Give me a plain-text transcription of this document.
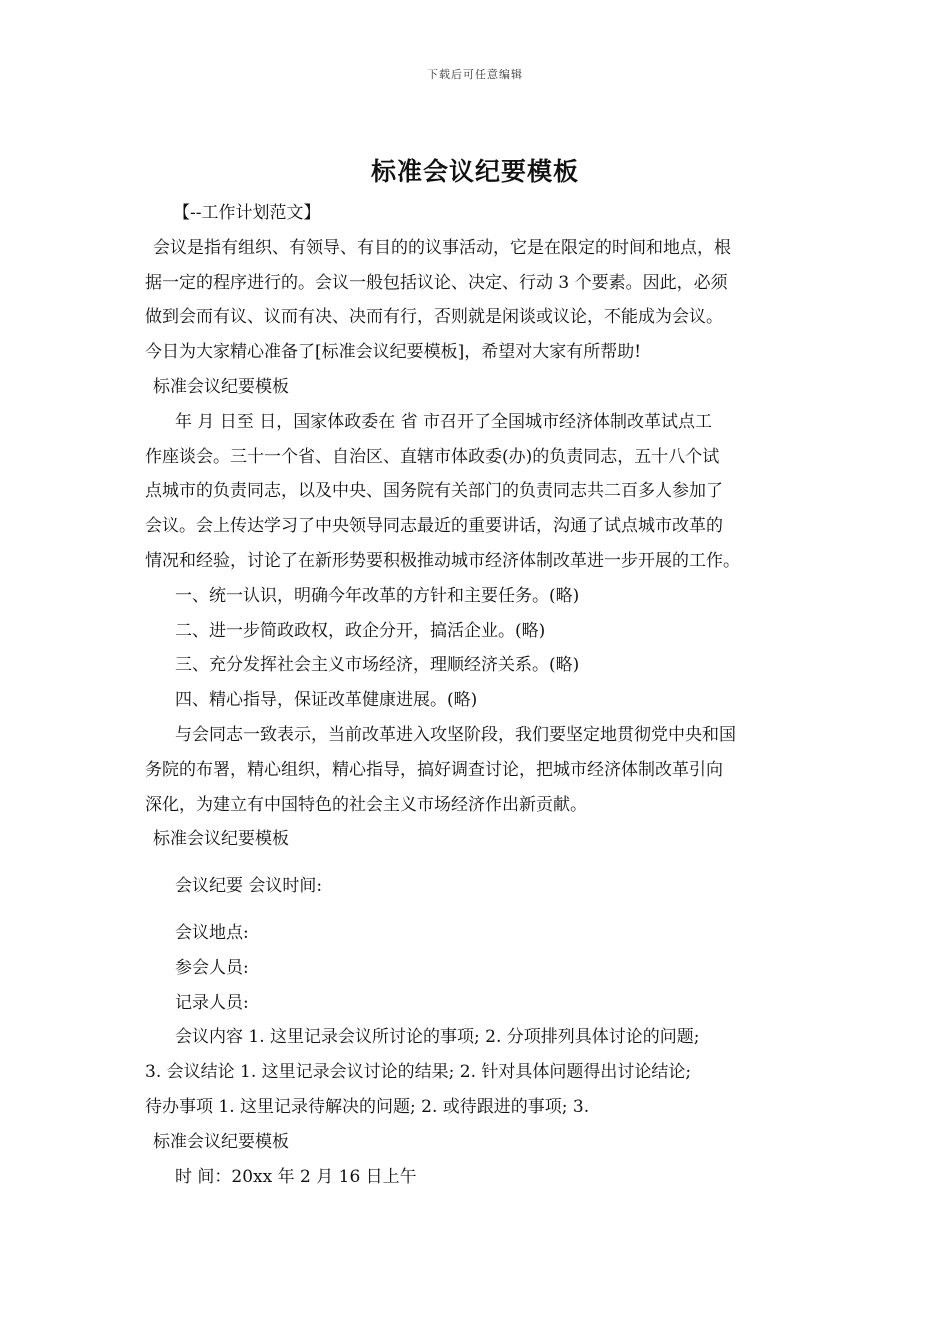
下载后可任意编辑
标准会议纪要模板
【--工作计划范文】
会议是指有组织、有领导、有目的的议事活动，它是在限定的时间和地点，根
据一定的程序进行的。会议一般包括议论、决定、行动 3 个要素。因此，必须
做到会而有议、议而有决、决而有行，否则就是闲谈或议论，不能成为会议。
今日为大家精心准备了[标准会议纪要模板]，希望对大家有所帮助!
标准会议纪要模板
年 月 日至 日，国家体政委在 省 市召开了全国城市经济体制改革试点工
作座谈会。三十一个省、自治区、直辖市体政委(办)的负责同志，五十八个试
点城市的负责同志，以及中央、国务院有关部门的负责同志共二百多人参加了
会议。会上传达学习了中央领导同志最近的重要讲话，沟通了试点城市改革的
情况和经验，讨论了在新形势要积极推动城市经济体制改革进一步开展的工作。
一、统一认识，明确今年改革的方针和主要任务。(略)
二、进一步简政政权，政企分开，搞活企业。(略)
三、充分发挥社会主义市场经济，理顺经济关系。(略)
四、精心指导，保证改革健康进展。(略)
与会同志一致表示，当前改革进入攻坚阶段，我们要坚定地贯彻党中央和国
务院的布署，精心组织，精心指导，搞好调查讨论，把城市经济体制改革引向
深化，为建立有中国特色的社会主义市场经济作出新贡献。
标准会议纪要模板
会议纪要 会议时间:
会议地点:
参会人员:
记录人员:
会议内容 1. 这里记录会议所讨论的事项; 2. 分项排列具体讨论的问题;
3. 会议结论 1. 这里记录会议讨论的结果; 2. 针对具体问题得出讨论结论;
待办事项 1. 这里记录待解决的问题; 2. 或待跟进的事项; 3.
标准会议纪要模板
时 间：20xx 年 2 月 16 日上午
